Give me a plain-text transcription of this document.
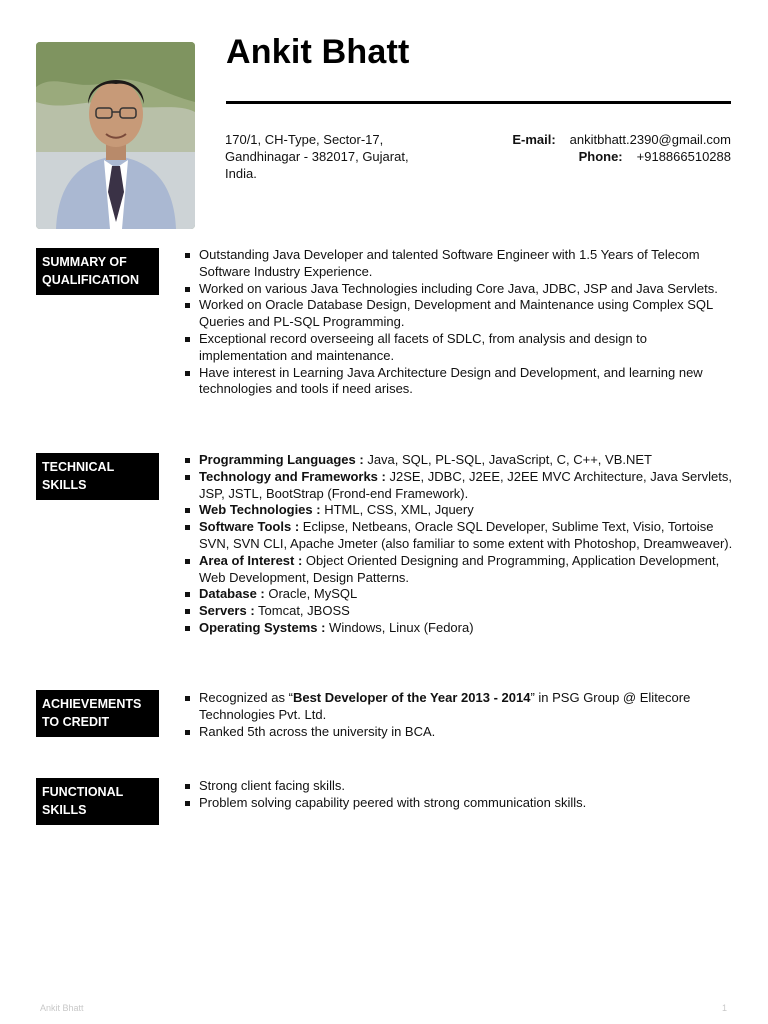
Ankit Bhatt
170/1, CH-Type, Sector-17,
Gandhinagar - 382017, Gujarat,
India.
E-mail: ankitbhatt.2390@gmail.com
Phone: +918866510288
SUMMARY OF
QUALIFICATION
Outstanding Java Developer and talented Software Engineer with 1.5 Years of Telecom Software Industry Experience.
Worked on various Java Technologies including Core Java, JDBC, JSP and Java Servlets.
Worked on Oracle Database Design, Development and Maintenance using Complex SQL Queries and PL-SQL Programming.
Exceptional record overseeing all facets of SDLC, from analysis and design to implementation and maintenance.
Have interest in Learning Java Architecture Design and Development, and learning new technologies and tools if need arises.
TECHNICAL
SKILLS
Programming Languages : Java, SQL, PL-SQL, JavaScript, C, C++, VB.NET
Technology and Frameworks : J2SE, JDBC, J2EE, J2EE MVC Architecture, Java Servlets, JSP, JSTL, BootStrap (Frond-end Framework).
Web Technologies : HTML, CSS, XML, Jquery
Software Tools : Eclipse, Netbeans, Oracle SQL Developer, Sublime Text, Visio, Tortoise SVN, SVN CLI, Apache Jmeter (also familiar to some extent with Photoshop, Dreamweaver).
Area of Interest : Object Oriented Designing and Programming, Application Development, Web Development, Design Patterns.
Database : Oracle, MySQL
Servers : Tomcat, JBOSS
Operating Systems : Windows, Linux (Fedora)
ACHIEVEMENTS
TO CREDIT
Recognized as “Best Developer of the Year 2013 - 2014” in PSG Group @ Elitecore Technologies Pvt. Ltd.
Ranked 5th across the university in BCA.
FUNCTIONAL
SKILLS
Strong client facing skills.
Problem solving capability peered with strong communication skills.
Ankit Bhatt	1
